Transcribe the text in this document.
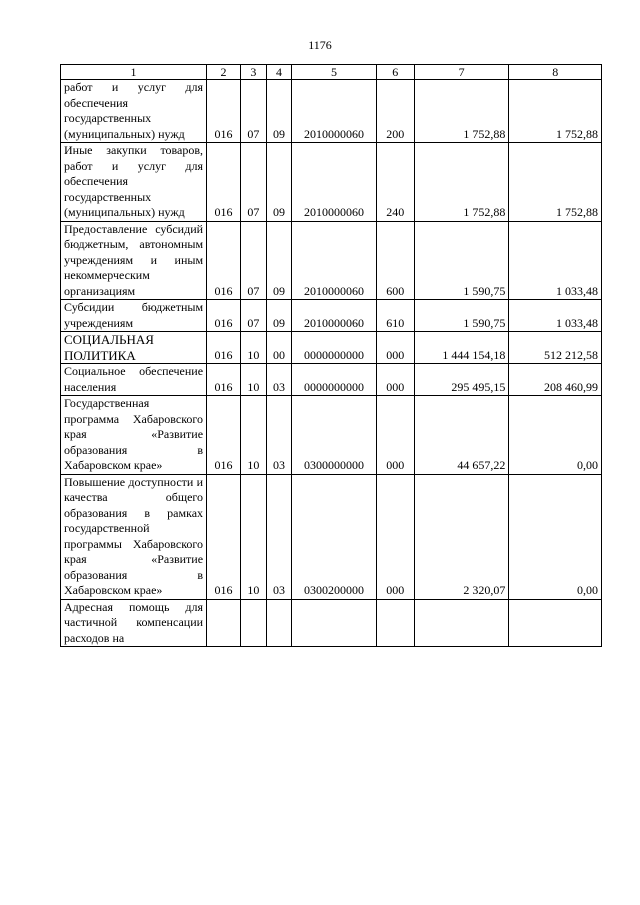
1176
1	2	3	4	5	6	7	8
работ и услуг для обеспечения государственных (муниципальных) нужд	016	07	09	2010000060	200	1 752,88	1 752,88
Иные закупки товаров, работ и услуг для обеспечения государственных (муниципальных) нужд	016	07	09	2010000060	240	1 752,88	1 752,88
Предоставление субсидий бюджетным, автономным учреждениям и иным некоммерческим организациям	016	07	09	2010000060	600	1 590,75	1 033,48
Субсидии бюджетным учреждениям	016	07	09	2010000060	610	1 590,75	1 033,48
СОЦИАЛЬНАЯ ПОЛИТИКА	016	10	00	0000000000	000	1 444 154,18	512 212,58
Социальное обеспечение населения	016	10	03	0000000000	000	295 495,15	208 460,99
Государственная программа Хабаровского края «Развитие образования в Хабаровском крае»	016	10	03	0300000000	000	44 657,22	0,00
Повышение доступности и качества общего образования в рамках государственной программы Хабаровского края «Развитие образования в Хабаровском крае»	016	10	03	0300200000	000	2 320,07	0,00
Адресная помощь для частичной компенсации расходов на							
